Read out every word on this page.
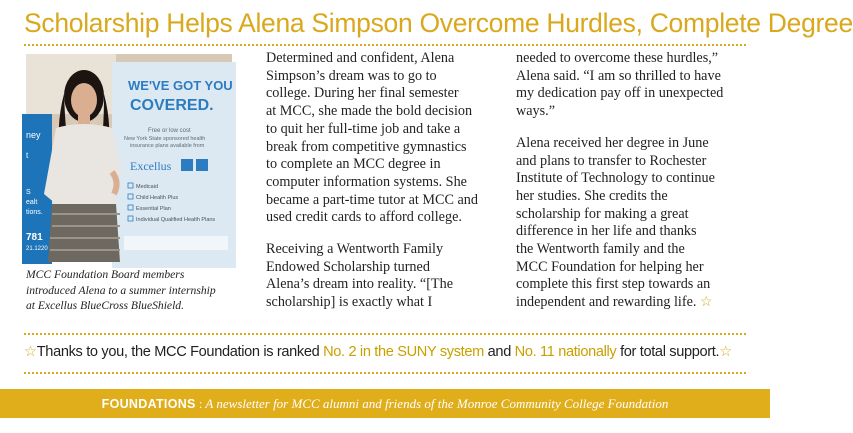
Scholarship Helps Alena Simpson Overcome Hurdles, Complete Degree
ney
t
S
ealt
tions.
781
21.1220
WE'VE GOT YOU
COVERED.
Free or low cost
New York State sponsored health
insurance plans available from
Excellus
Medicaid
Child Health Plus
Essential Plan
Individual Qualified Health Plans
MCC Foundation Board members
introduced Alena to a summer internship
at Excellus BlueCross BlueShield.
Determined and confident, Alena
Simpson’s dream was to go to
college. During her final semester
at MCC, she made the bold decision
to quit her full-time job and take a
break from competitive gymnastics
to complete an MCC degree in
computer information systems. She
became a part-time tutor at MCC and
used credit cards to afford college.
Receiving a Wentworth Family
Endowed Scholarship turned
Alena’s dream into reality. “[The
scholarship] is exactly what I
needed to overcome these hurdles,”
Alena said. “I am so thrilled to have
my dedication pay off in unexpected
ways.”
Alena received her degree in June
and plans to transfer to Rochester
Institute of Technology to continue
her studies. She credits the
scholarship for making a great
difference in her life and thanks
the Wentworth family and the
MCC Foundation for helping her
complete this first step towards an
independent and rewarding life. ☆
☆Thanks to you, the MCC Foundation is ranked No. 2 in the SUNY system and No. 11 nationally for total support.☆
FOUNDATIONS : A newsletter for MCC alumni and friends of the Monroe Community College Foundation
